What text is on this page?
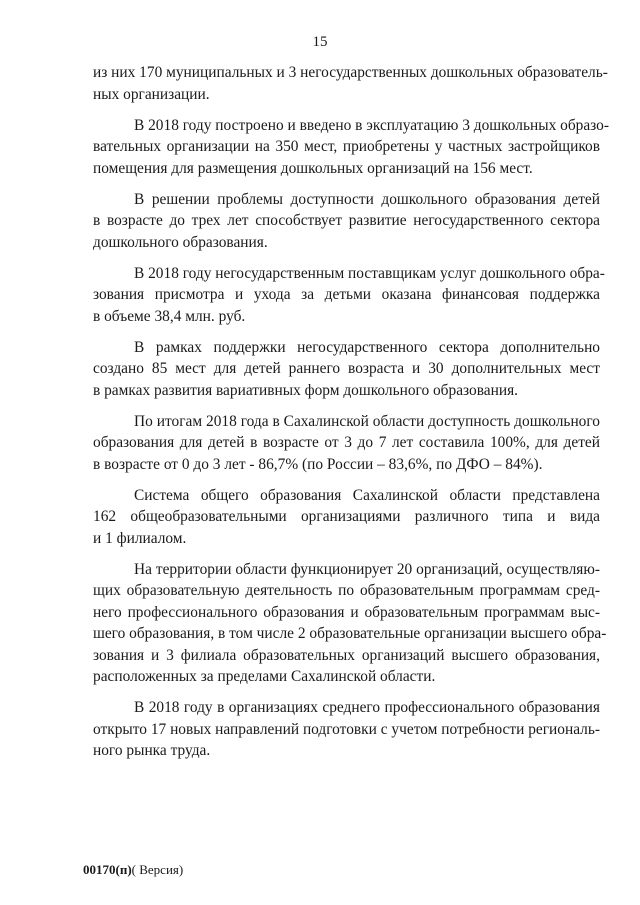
15
из них 170 муниципальных и 3 негосударственных дошкольных образователь-
ных организации.
В 2018 году построено и введено в эксплуатацию 3 дошкольных образо-
вательных организации на 350 мест, приобретены у частных застройщиков
помещения для размещения дошкольных организаций на 156 мест.
В решении проблемы доступности дошкольного образования детей
в возрасте до трех лет способствует развитие негосударственного сектора
дошкольного образования.
В 2018 году негосударственным поставщикам услуг дошкольного обра-
зования присмотра и ухода за детьми оказана финансовая поддержка
в объеме 38,4 млн. руб.
В рамках поддержки негосударственного сектора дополнительно
создано 85 мест для детей раннего возраста и 30 дополнительных мест
в рамках развития вариативных форм дошкольного образования.
По итогам 2018 года в Сахалинской области доступность дошкольного
образования для детей в возрасте от 3 до 7 лет составила 100%, для детей
в возрасте от 0 до 3 лет - 86,7% (по России – 83,6%, по ДФО – 84%).
Система общего образования Сахалинской области представлена
162 общеобразовательными организациями различного типа и вида
и 1 филиалом.
На территории области функционирует 20 организаций, осуществляю-
щих образовательную деятельность по образовательным программам сред-
него профессионального образования и образовательным программам выс-
шего образования, в том числе 2 образовательные организации высшего обра-
зования и 3 филиала образовательных организаций высшего образования,
расположенных за пределами Сахалинской области.
В 2018 году в организациях среднего профессионального образования
открыто 17 новых направлений подготовки с учетом потребности региональ-
ного рынка труда.
00170(п)( Версия)
